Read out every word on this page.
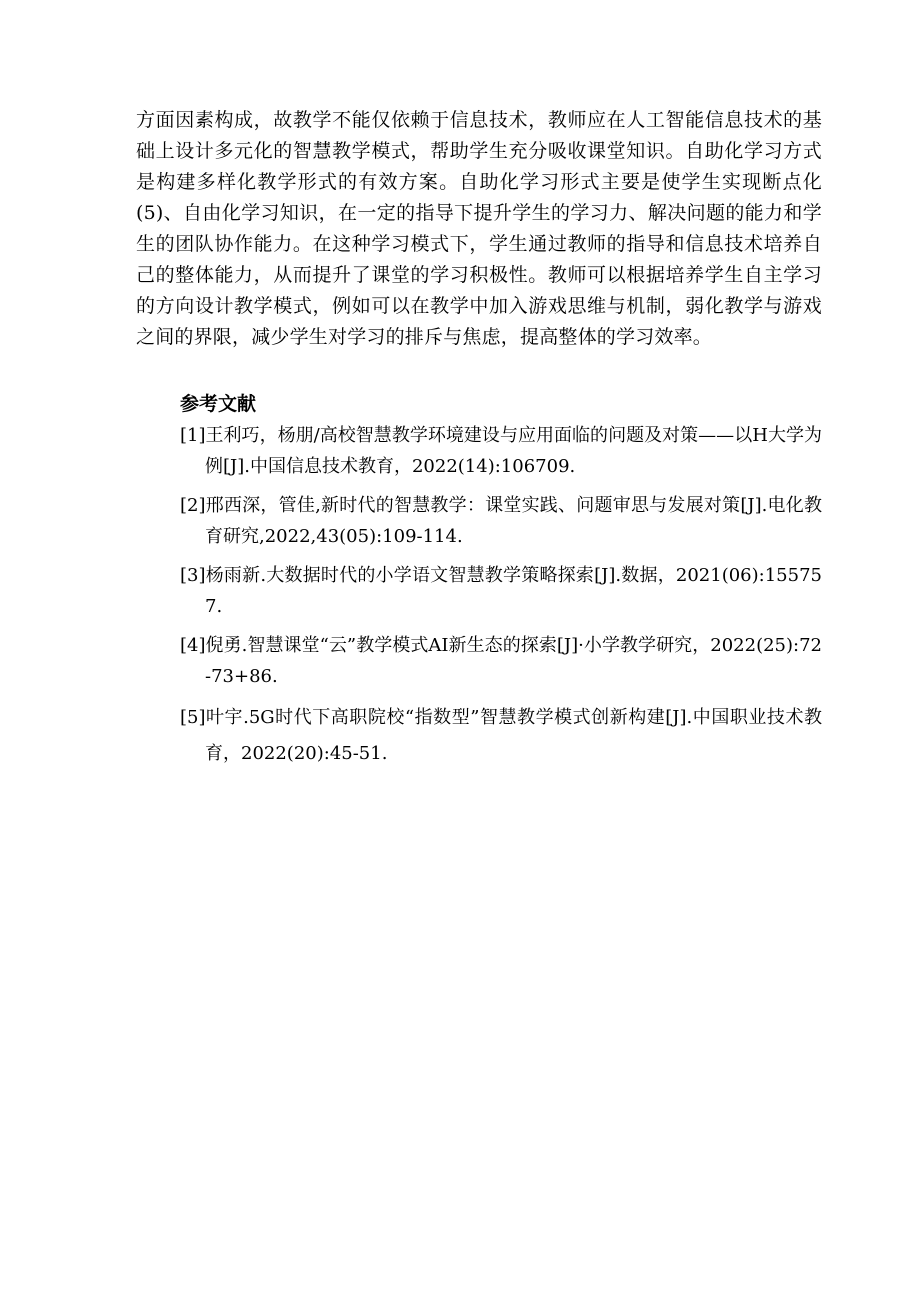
方面因素构成，故教学不能仅依赖于信息技术，教师应在人工智能信息技术的基础上设计多元化的智慧教学模式，帮助学生充分吸收课堂知识。自助化学习方式是构建多样化教学形式的有效方案。自助化学习形式主要是使学生实现断点化(5)、自由化学习知识，在一定的指导下提升学生的学习力、解决问题的能力和学生的团队协作能力。在这种学习模式下，学生通过教师的指导和信息技术培养自己的整体能力，从而提升了课堂的学习积极性。教师可以根据培养学生自主学习的方向设计教学模式，例如可以在教学中加入游戏思维与机制，弱化教学与游戏之间的界限，减少学生对学习的排斥与焦虑，提高整体的学习效率。

参考文献
[1]王利巧，杨朋/高校智慧教学环境建设与应用面临的问题及对策——以H大学为例[J].中国信息技术教育，2022(14):106709.
[2]邢西深，管佳,新时代的智慧教学：课堂实践、问题审思与发展对策[J].电化教育研究,2022,43(05):109-114.
[3]杨雨新.大数据时代的小学语文智慧教学策略探索[J].数据，2021(06):155757.
[4]倪勇.智慧课堂“云”教学模式AI新生态的探索[J]·小学教学研究，2022(25):72-73+86.
[5]叶宇.5G时代下高职院校“指数型”智慧教学模式创新构建[J].中国职业技术教育，2022(20):45-51.
